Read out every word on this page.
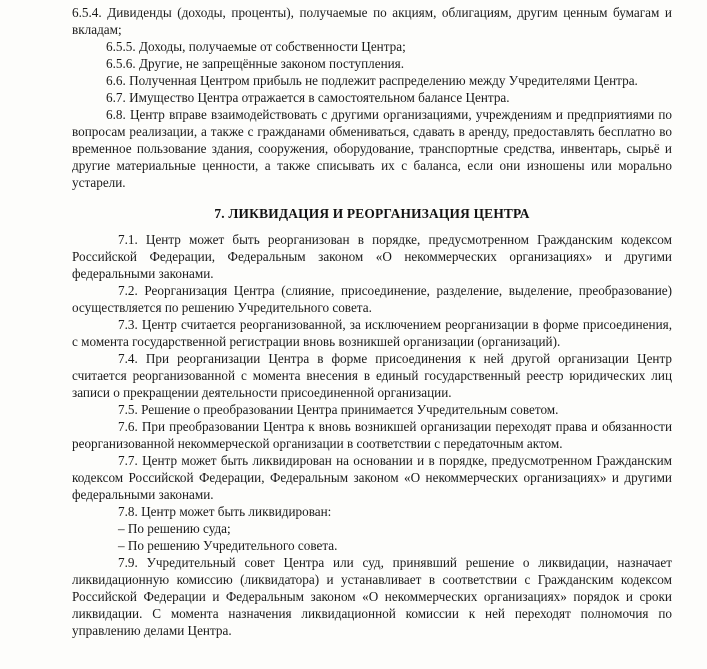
6.5.4. Дивиденды (доходы, проценты), получаемые по акциям, облигациям, другим ценным бумагам и вкладам;

6.5.5. Доходы, получаемые от собственности Центра;

6.5.6. Другие, не запрещённые законом поступления.

6.6. Полученная Центром прибыль не подлежит распределению между Учредителями Центра.

6.7. Имущество Центра отражается в самостоятельном балансе Центра.

6.8. Центр вправе взаимодействовать с другими организациями, учреждениям и предприятиями по вопросам реализации, а также с гражданами обмениваться, сдавать в аренду, предоставлять бесплатно во временное пользование здания, сооружения, оборудование, транспортные средства, инвентарь, сырьё и другие материальные ценности, а также списывать их с баланса, если они изношены или морально устарели.

7. ЛИКВИДАЦИЯ И РЕОРГАНИЗАЦИЯ ЦЕНТРА

7.1. Центр может быть реорганизован в порядке, предусмотренном Гражданским кодексом Российской Федерации, Федеральным законом «О некоммерческих организациях» и другими федеральными законами.

7.2. Реорганизация Центра (слияние, присоединение, разделение, выделение, преобразование) осуществляется по решению Учредительного совета.

7.3. Центр считается реорганизованной, за исключением реорганизации в форме присоединения, с момента государственной регистрации вновь возникшей организации (организаций).

7.4. При реорганизации Центра в форме присоединения к ней другой организации Центр считается реорганизованной с момента внесения в единый государственный реестр юридических лиц записи о прекращении деятельности присоединенной организации.

7.5. Решение о преобразовании Центра принимается Учредительным советом.

7.6. При преобразовании Центра к вновь возникшей организации переходят права и обязанности реорганизованной некоммерческой организации в соответствии с передаточным актом.

7.7. Центр может быть ликвидирован на основании и в порядке, предусмотренном Гражданским кодексом Российской Федерации, Федеральным законом «О некоммерческих организациях» и другими федеральными законами.

7.8. Центр может быть ликвидирован:

– По решению суда;

– По решению Учредительного совета.

7.9. Учредительный совет Центра или суд, принявший решение о ликвидации, назначает ликвидационную комиссию (ликвидатора) и устанавливает в соответствии с Гражданским кодексом Российской Федерации и Федеральным законом «О некоммерческих организациях» порядок и сроки ликвидации. С момента назначения ликвидационной комиссии к ней переходят полномочия по управлению делами Центра.
